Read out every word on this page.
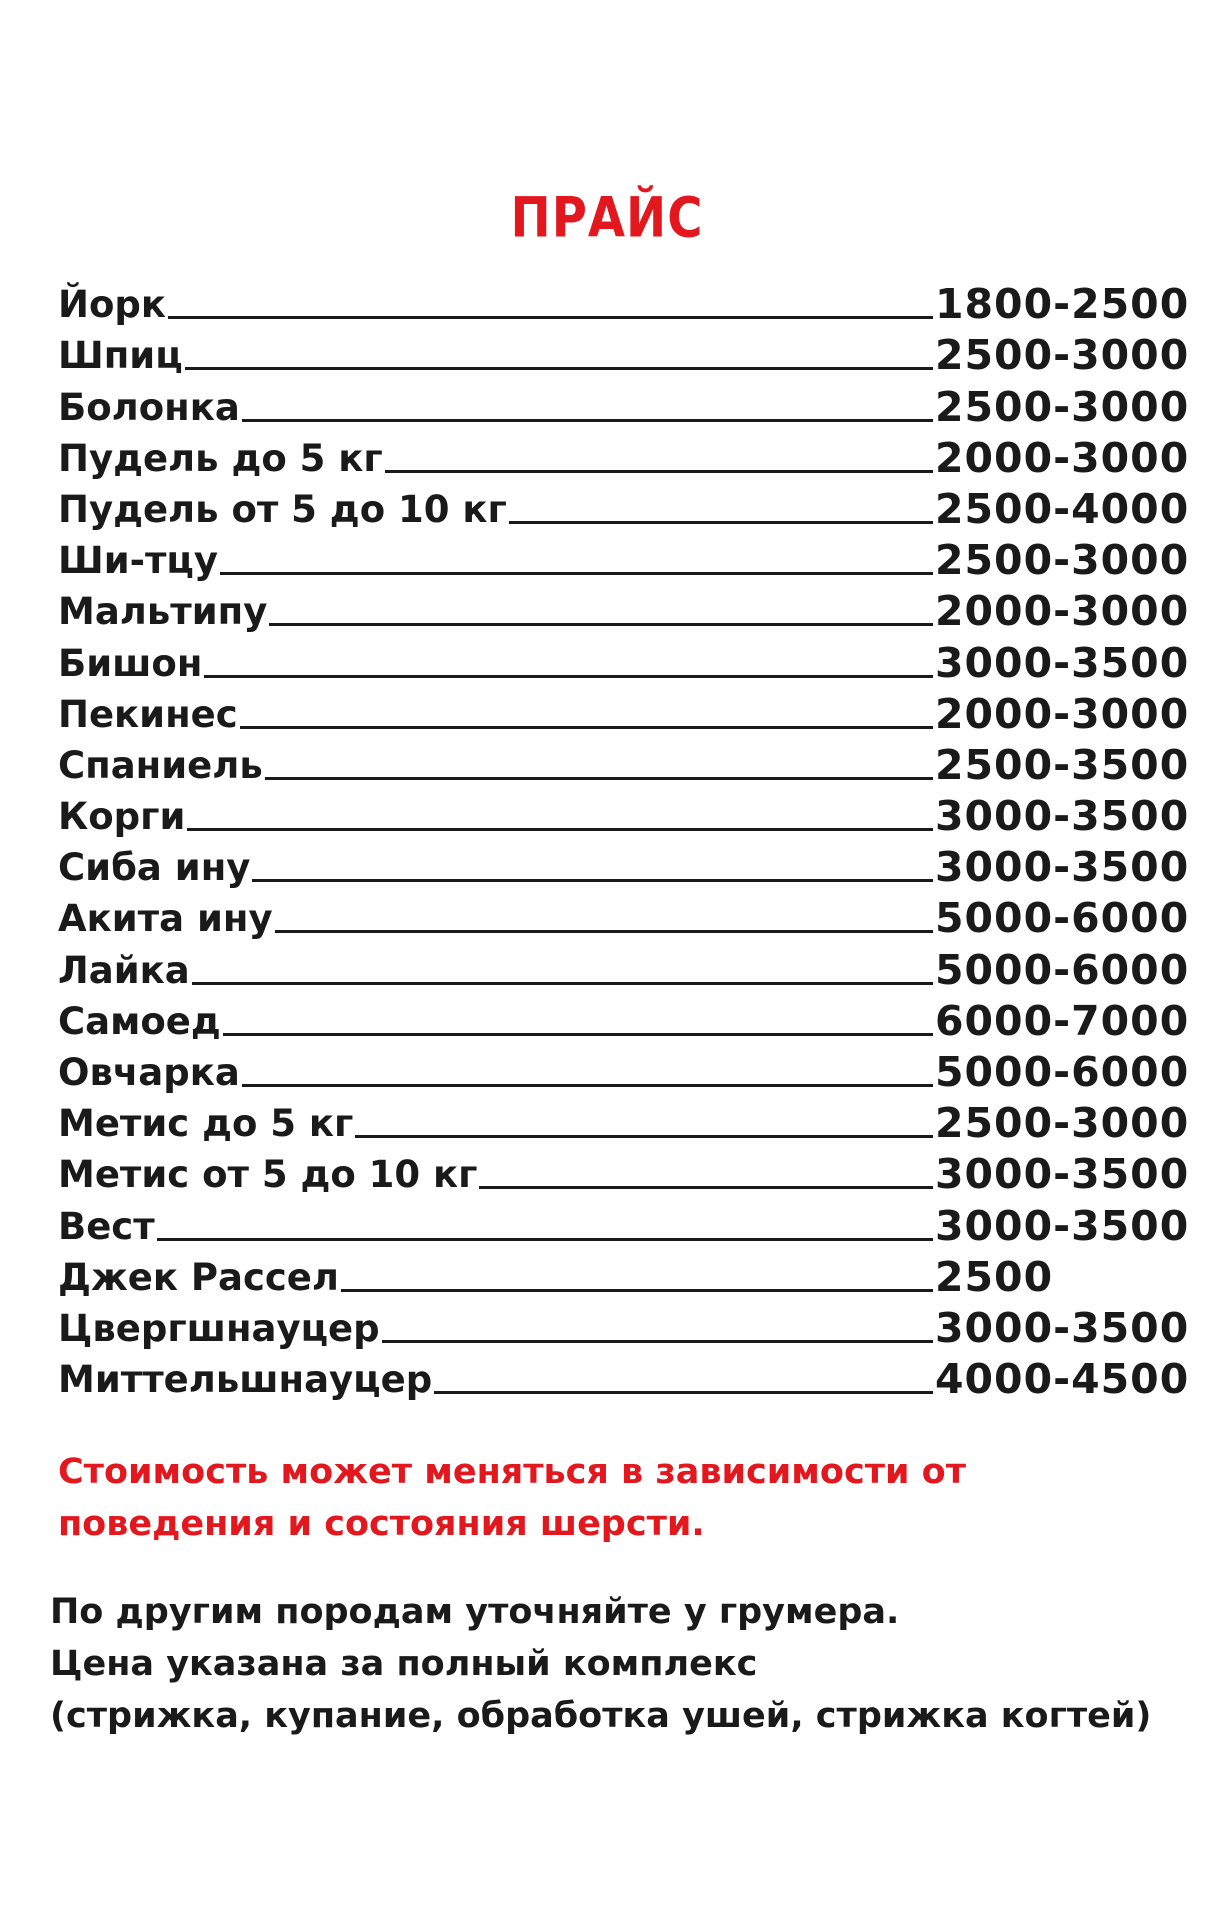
ПРАЙС
Йорк	1800-2500
Шпиц	2500-3000
Болонка	2500-3000
Пудель до 5 кг	2000-3000
Пудель от 5 до 10 кг	2500-4000
Ши-тцу	2500-3000
Мальтипу	2000-3000
Бишон	3000-3500
Пекинес	2000-3000
Спаниель	2500-3500
Корги	3000-3500
Сиба ину	3000-3500
Акита ину	5000-6000
Лайка	5000-6000
Самоед	6000-7000
Овчарка	5000-6000
Метис до 5 кг	2500-3000
Метис от 5 до 10 кг	3000-3500
Вест	3000-3500
Джек Рассел	2500
Цвергшнауцер	3000-3500
Миттельшнауцер	4000-4500
Стоимость может меняться в зависимости от
поведения и состояния шерсти.
По другим породам уточняйте у грумера.
Цена указана за полный комплекс
(стрижка, купание, обработка ушей, стрижка когтей)
